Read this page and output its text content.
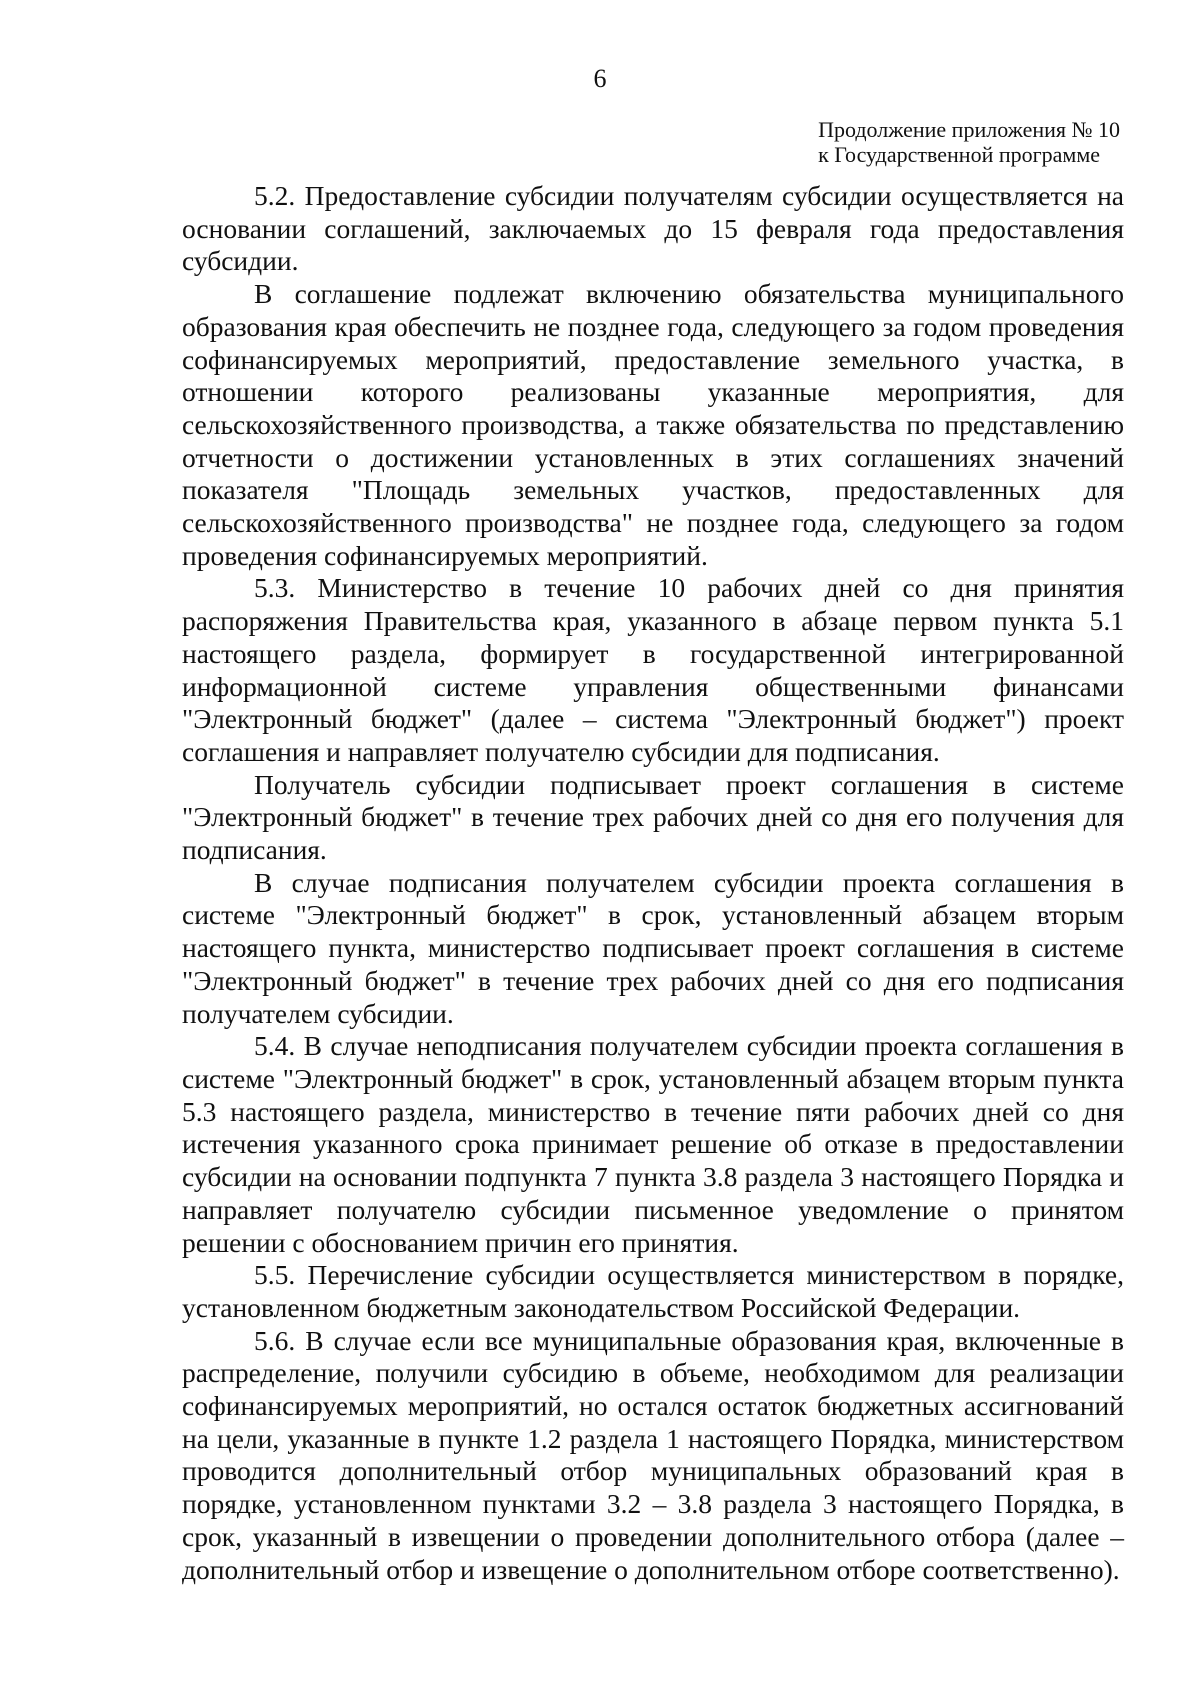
6
Продолжение приложения № 10
к Государственной программе

5.2. Предоставление субсидии получателям субсидии осуществляется на основании соглашений, заключаемых до 15 февраля года предоставления субсидии.

В соглашение подлежат включению обязательства муниципального образования края обеспечить не позднее года, следующего за годом проведения софинансируемых мероприятий, предоставление земельного участка, в отношении которого реализованы указанные мероприятия, для сельскохозяйственного производства, а также обязательства по представлению отчетности о достижении установленных в этих соглашениях значений показателя "Площадь земельных участков, предоставленных для сельскохозяйственного производства" не позднее года, следующего за годом проведения софинансируемых мероприятий.

5.3. Министерство в течение 10 рабочих дней со дня принятия распоряжения Правительства края, указанного в абзаце первом пункта 5.1 настоящего раздела, формирует в государственной интегрированной информационной системе управления общественными финансами "Электронный бюджет" (далее – система "Электронный бюджет") проект соглашения и направляет получателю субсидии для подписания.

Получатель субсидии подписывает проект соглашения в системе "Электронный бюджет" в течение трех рабочих дней со дня его получения для подписания.

В случае подписания получателем субсидии проекта соглашения в системе "Электронный бюджет" в срок, установленный абзацем вторым настоящего пункта, министерство подписывает проект соглашения в системе "Электронный бюджет" в течение трех рабочих дней со дня его подписания получателем субсидии.

5.4. В случае неподписания получателем субсидии проекта соглашения в системе "Электронный бюджет" в срок, установленный абзацем вторым пункта 5.3 настоящего раздела, министерство в течение пяти рабочих дней со дня истечения указанного срока принимает решение об отказе в предоставлении субсидии на основании подпункта 7 пункта 3.8 раздела 3 настоящего Порядка и направляет получателю субсидии письменное уведомление о принятом решении с обоснованием причин его принятия.

5.5. Перечисление субсидии осуществляется министерством в порядке, установленном бюджетным законодательством Российской Федерации.

5.6. В случае если все муниципальные образования края, включенные в распределение, получили субсидию в объеме, необходимом для реализации софинансируемых мероприятий, но остался остаток бюджетных ассигнований на цели, указанные в пункте 1.2 раздела 1 настоящего Порядка, министерством проводится дополнительный отбор муниципальных образований края в порядке, установленном пунктами 3.2 – 3.8 раздела 3 настоящего Порядка, в срок, указанный в извещении о проведении дополнительного отбора (далее – дополнительный отбор и извещение о дополнительном отборе соответственно).
